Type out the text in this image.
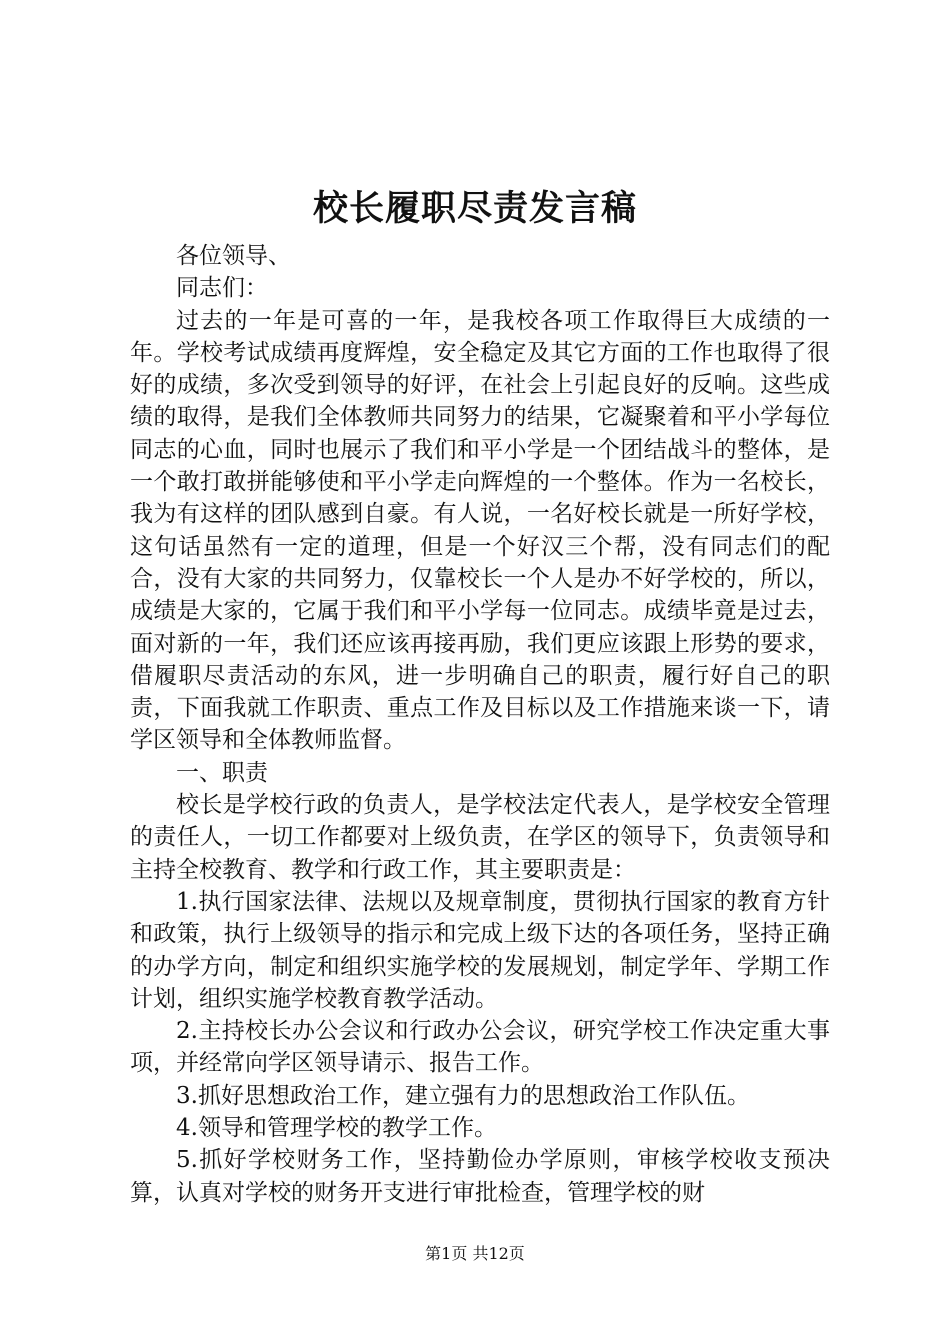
校长履职尽责发言稿

各位领导、

同志们：

过去的一年是可喜的一年，是我校各项工作取得巨大成绩的一年。学校考试成绩再度辉煌，安全稳定及其它方面的工作也取得了很好的成绩，多次受到领导的好评，在社会上引起良好的反响。这些成绩的取得，是我们全体教师共同努力的结果，它凝聚着和平小学每位同志的心血，同时也展示了我们和平小学是一个团结战斗的整体，是一个敢打敢拼能够使和平小学走向辉煌的一个整体。作为一名校长，我为有这样的团队感到自豪。有人说，一名好校长就是一所好学校，这句话虽然有一定的道理，但是一个好汉三个帮，没有同志们的配合，没有大家的共同努力，仅靠校长一个人是办不好学校的，所以，成绩是大家的，它属于我们和平小学每一位同志。成绩毕竟是过去，面对新的一年，我们还应该再接再励，我们更应该跟上形势的要求，借履职尽责活动的东风，进一步明确自己的职责，履行好自己的职责，下面我就工作职责、重点工作及目标以及工作措施来谈一下，请学区领导和全体教师监督。

一、职责

校长是学校行政的负责人，是学校法定代表人，是学校安全管理的责任人，一切工作都要对上级负责，在学区的领导下，负责领导和主持全校教育、教学和行政工作，其主要职责是：

1.执行国家法律、法规以及规章制度，贯彻执行国家的教育方针和政策，执行上级领导的指示和完成上级下达的各项任务，坚持正确的办学方向，制定和组织实施学校的发展规划，制定学年、学期工作计划，组织实施学校教育教学活动。

2.主持校长办公会议和行政办公会议，研究学校工作决定重大事项，并经常向学区领导请示、报告工作。

3.抓好思想政治工作，建立强有力的思想政治工作队伍。

4.领导和管理学校的教学工作。

5.抓好学校财务工作，坚持勤俭办学原则，审核学校收支预决算，认真对学校的财务开支进行审批检查，管理学校的财

第1页 共12页
